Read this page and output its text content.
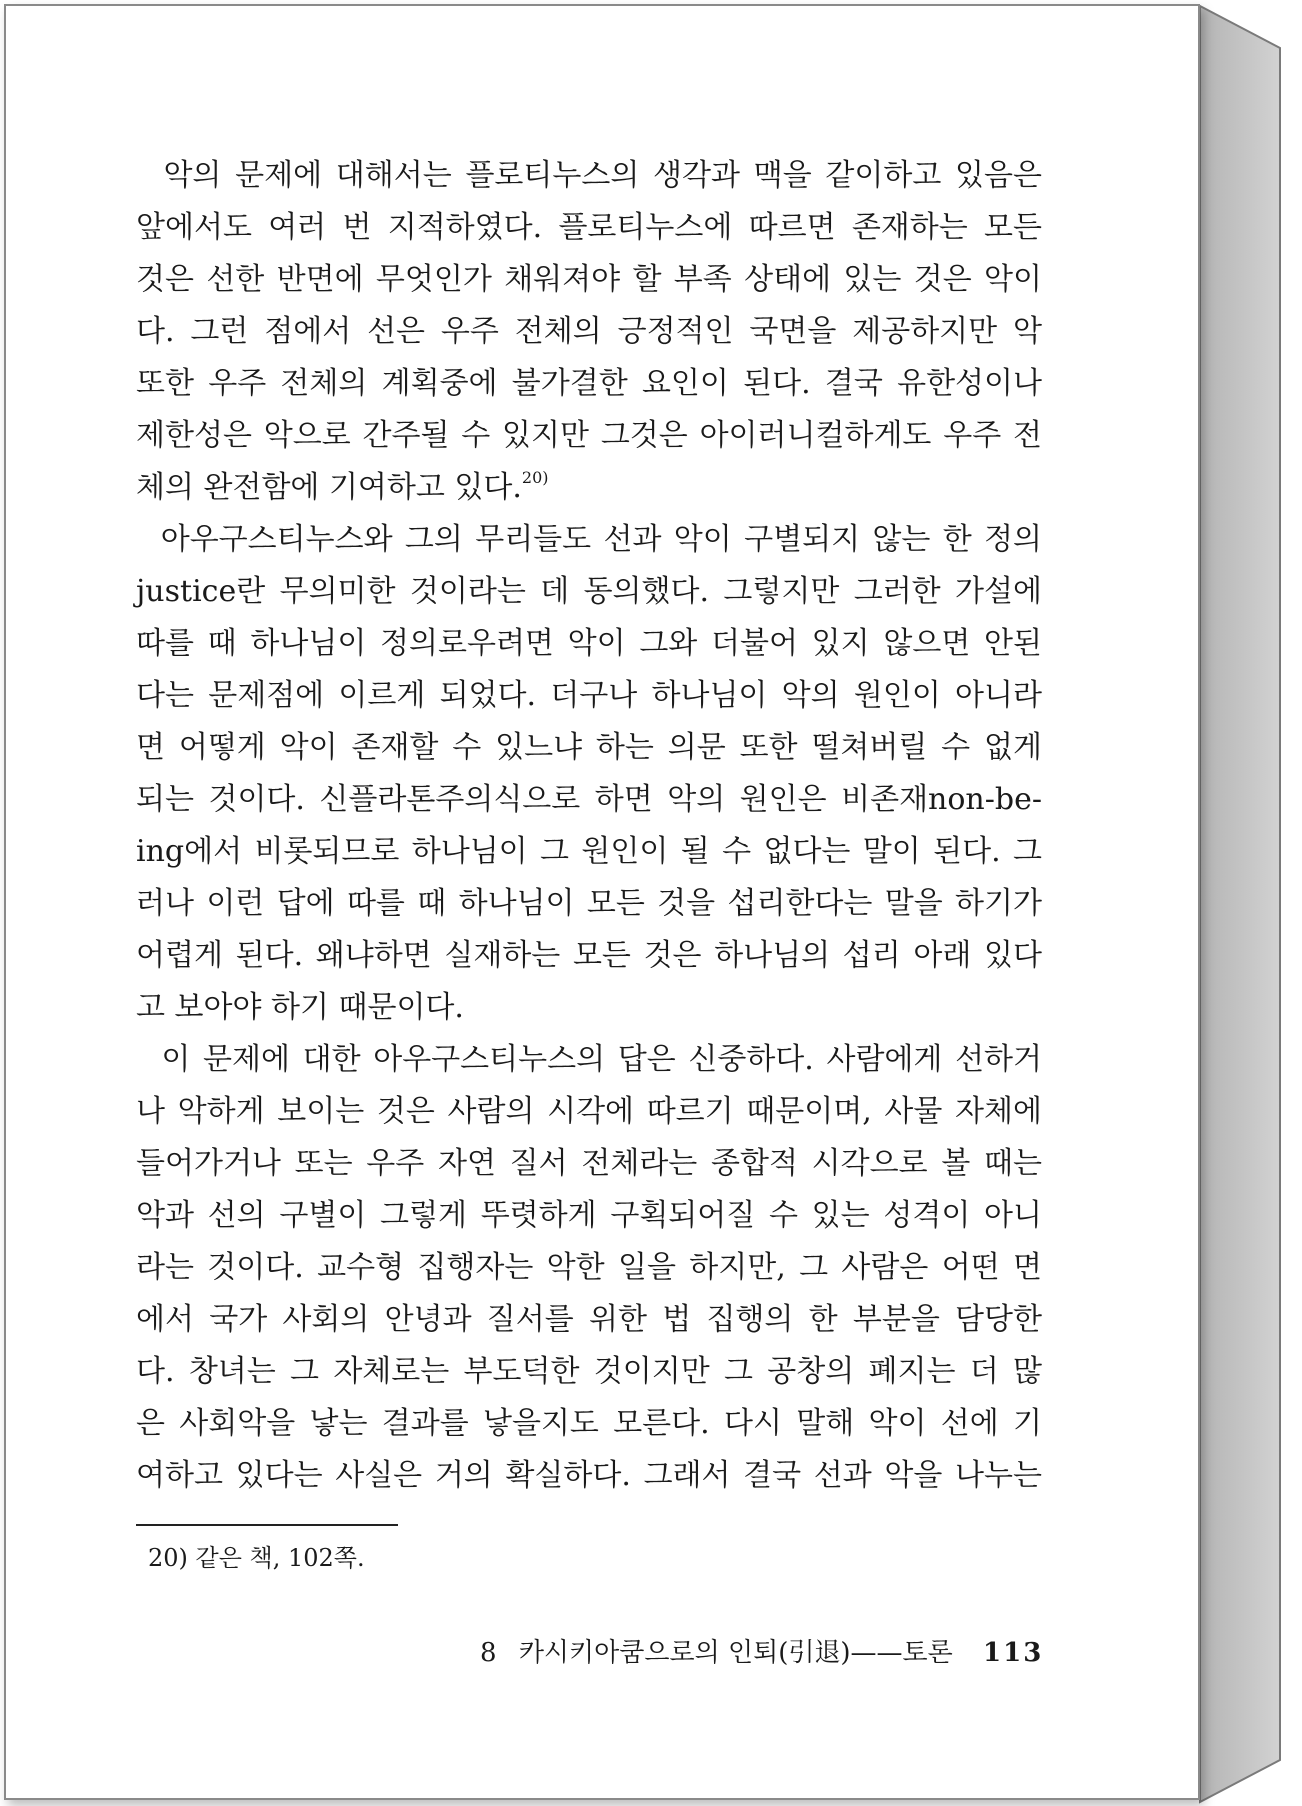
악의 문제에 대해서는 플로티누스의 생각과 맥을 같이하고 있음은
앞에서도 여러 번 지적하였다. 플로티누스에 따르면 존재하는 모든
것은 선한 반면에 무엇인가 채워져야 할 부족 상태에 있는 것은 악이
다. 그런 점에서 선은 우주 전체의 긍정적인 국면을 제공하지만 악
또한 우주 전체의 계획중에 불가결한 요인이 된다. 결국 유한성이나
제한성은 악으로 간주될 수 있지만 그것은 아이러니컬하게도 우주 전
체의 완전함에 기여하고 있다.$^{20)}$
아우구스티누스와 그의 무리들도 선과 악이 구별되지 않는 한 정의
justice란 무의미한 것이라는 데 동의했다. 그렇지만 그러한 가설에
따를 때 하나님이 정의로우려면 악이 그와 더불어 있지 않으면 안된
다는 문제점에 이르게 되었다. 더구나 하나님이 악의 원인이 아니라
면 어떻게 악이 존재할 수 있느냐 하는 의문 또한 떨쳐버릴 수 없게
되는 것이다. 신플라톤주의식으로 하면 악의 원인은 비존재non-be-
ing에서 비롯되므로 하나님이 그 원인이 될 수 없다는 말이 된다. 그
러나 이런 답에 따를 때 하나님이 모든 것을 섭리한다는 말을 하기가
어렵게 된다. 왜냐하면 실재하는 모든 것은 하나님의 섭리 아래 있다
고 보아야 하기 때문이다.
이 문제에 대한 아우구스티누스의 답은 신중하다. 사람에게 선하거
나 악하게 보이는 것은 사람의 시각에 따르기 때문이며, 사물 자체에
들어가거나 또는 우주 자연 질서 전체라는 종합적 시각으로 볼 때는
악과 선의 구별이 그렇게 뚜렷하게 구획되어질 수 있는 성격이 아니
라는 것이다. 교수형 집행자는 악한 일을 하지만, 그 사람은 어떤 면
에서 국가 사회의 안녕과 질서를 위한 법 집행의 한 부분을 담당한
다. 창녀는 그 자체로는 부도덕한 것이지만 그 공창의 폐지는 더 많
은 사회악을 낳는 결과를 낳을지도 모른다. 다시 말해 악이 선에 기
여하고 있다는 사실은 거의 확실하다. 그래서 결국 선과 악을 나누는
20) 같은 책, 102쪽.
8 카시키아쿰으로의 인퇴(引退)——토론 113
